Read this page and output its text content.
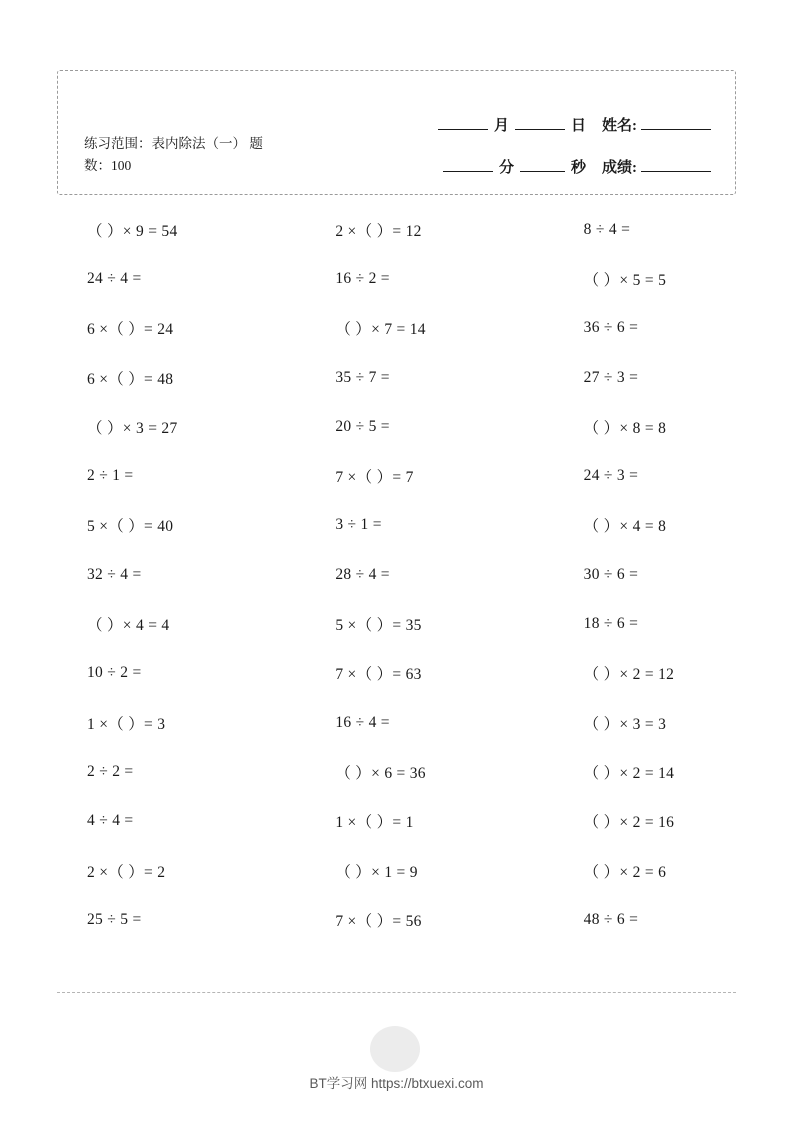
练习范围：表内除法（一） 题
数：100
月	日	姓名:
分	秒	成绩:
（ ）× 9 = 54	2 ×（ ）= 12	8 ÷ 4 =
24 ÷ 4 =	16 ÷ 2 =	（ ）× 5 = 5
6 ×（ ）= 24	（ ）× 7 = 14	36 ÷ 6 =
6 ×（ ）= 48	35 ÷ 7 =	27 ÷ 3 =
（ ）× 3 = 27	20 ÷ 5 =	（ ）× 8 = 8
2 ÷ 1 =	7 ×（ ）= 7	24 ÷ 3 =
5 ×（ ）= 40	3 ÷ 1 =	（ ）× 4 = 8
32 ÷ 4 =	28 ÷ 4 =	30 ÷ 6 =
（ ）× 4 = 4	5 ×（ ）= 35	18 ÷ 6 =
10 ÷ 2 =	7 ×（ ）= 63	（ ）× 2 = 12
1 ×（ ）= 3	16 ÷ 4 =	（ ）× 3 = 3
2 ÷ 2 =	（ ）× 6 = 36	（ ）× 2 = 14
4 ÷ 4 =	1 ×（ ）= 1	（ ）× 2 = 16
2 ×（ ）= 2	（ ）× 1 = 9	（ ）× 2 = 6
25 ÷ 5 =	7 ×（ ）= 56	48 ÷ 6 =
BT学习网 https://btxuexi.com
